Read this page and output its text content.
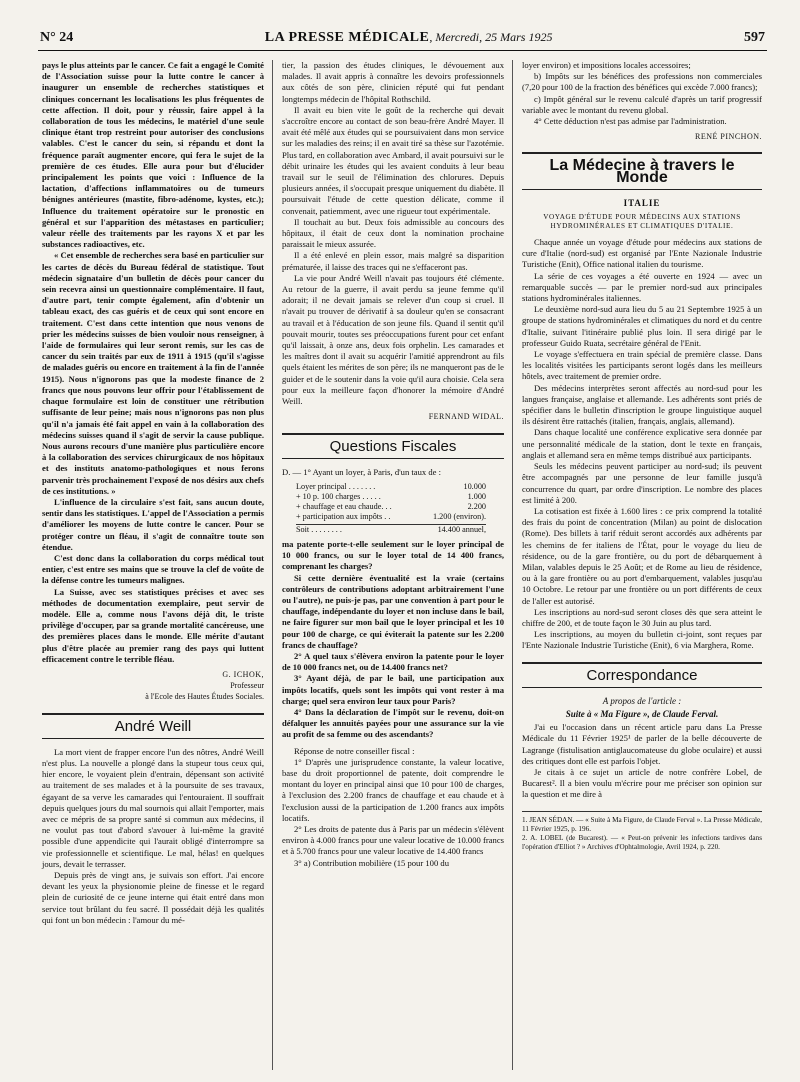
N° 24	LA PRESSE MÉDICALE, Mercredi, 25 Mars 1925	597

pays le plus atteints par le cancer. Ce fait a engagé le Comité de l'Association suisse pour la lutte contre le cancer à inaugurer un ensemble de recherches statistiques et cliniques concernant les localisations les plus fréquentes de cette affection. Il doit, pour y réussir, faire appel à la collaboration de tous les médecins, le matériel d'une seule clinique étant trop restreint pour autoriser des conclusions valables. C'est le cancer du sein, si répandu et dont la fréquence paraît augmenter encore, qui fera le sujet de la première de ces études. Elle aura pour but d'élucider principalement les points que voici : Influence de la lactation, d'affections inflammatoires ou de tumeurs bénignes antérieures (mastite, fibro-adénome, kystes, etc.); Influence du traitement opératoire sur le pronostic en général et sur l'apparition des métastases en particulier; valeur réelle des traitements par les rayons X et par les substances radioactives, etc.

« Cet ensemble de recherches sera basé en particulier sur les cartes de décès du Bureau fédéral de statistique. Tout médecin signataire d'un bulletin de décès pour cancer du sein recevra ainsi un questionnaire complémentaire. Il faut, d'autre part, tenir compte également, afin d'obtenir un tableau exact, des cas guéris et de ceux qui sont encore en traitement. C'est dans cette intention que nous venons de prier les médecins suisses de bien vouloir nous renseigner, à l'aide de formulaires qui leur seront remis, sur les cas de cancer du sein traités par eux de 1911 à 1915 (qu'il s'agisse de malades guéris ou encore en traitement à la fin de l'année 1915). Nous n'ignorons pas que la modeste finance de 2 francs que nous pouvons leur offrir pour l'établissement de chaque formulaire est loin de constituer une rétribution suffisante de leur peine; mais nous n'ignorons pas non plus qu'il n'a jamais été fait appel en vain à la collaboration des médecins suisses quand il s'agit de servir la cause publique. Nous aurons recours d'une manière plus particulière encore à la collaboration des services chirurgicaux de nos hôpitaux et des instituts anatomo-pathologiques et nous ferons parvenir très prochainement l'exposé de nos désirs aux chefs de ces institutions. »

L'influence de la circulaire s'est fait, sans aucun doute, sentir dans les statistiques. L'appel de l'Association a permis d'améliorer les moyens de lutte contre le cancer. Pour se protéger contre un fléau, il s'agit de connaître toute son étendue.

C'est donc dans la collaboration du corps médical tout entier, c'est entre ses mains que se trouve la clef de voûte de la défense contre les tumeurs malignes.

La Suisse, avec ses statistiques précises et avec ses méthodes de documentation exemplaire, peut servir de modèle. Elle a, comme nous l'avons déjà dit, le triste privilège d'occuper, par sa grande mortalité cancéreuse, une des premières places dans le monde. Elle mérite d'autant plus d'être placée au premier rang des pays qui luttent efficacement contre le terrible fléau.

G. ICHOK,
Professeur
à l'Ecole des Hautes Études Sociales.
André Weill

La mort vient de frapper encore l'un des nôtres, André Weill n'est plus. La nouvelle a plongé dans la stupeur tous ceux qui, hier encore, le voyaient plein d'entrain, dépensant son activité au traitement de ses malades et à la poursuite de ses travaux, égayant de sa verve les camarades qui l'entouraient. Il souffrait depuis quelques jours du mal sournois qui allait l'emporter, mais avec ce mépris de sa propre santé si commun aux médecins, il ne voulut pas tout d'abord s'avouer à lui-même la gravité possible d'une appendicite qui l'aurait obligé d'interrompre sa vie professionnelle et scientifique. Le mal, hélas! en quelques jours, devait le terrasser.

Depuis près de vingt ans, je suivais son effort. J'ai encore devant les yeux la physionomie pleine de finesse et le regard plein de curiosité de ce jeune interne qui était entré dans mon service tout brûlant du feu sacré. Il possédait déjà les qualités qui font un bon médecin : l'amour du mé-

tier, la passion des études cliniques, le dévouement aux malades. Il avait appris à connaître les devoirs professionnels aux côtés de son père, clinicien réputé qui fut pendant longtemps médecin de l'hôpital Rothschild.

Il avait eu bien vite le goût de la recherche qui devait s'accroître encore au contact de son beau-frère André Mayer. Il avait été mêlé aux études qui se poursuivaient dans mon service sur les maladies des reins; il en avait tiré sa thèse sur l'azotémie. Plus tard, en collaboration avec Ambard, il avait poursuivi sur le débit urinaire les études qui les avaient conduits à leur beau travail sur le seuil de l'élimination des chlorures. Depuis plusieurs années, il s'occupait presque uniquement du diabète. Il poursuivait l'étude de cette question délicate, comme il convenait, patiemment, avec une rigueur tout expérimentale.

Il touchait au but. Deux fois admissible au concours des hôpitaux, il était de ceux dont la nomination prochaine paraissait le mieux assurée.

Il a été enlevé en plein essor, mais malgré sa disparition prématurée, il laisse des traces qui ne s'effaceront pas.

La vie pour André Weill n'avait pas toujours été clémente. Au retour de la guerre, il avait perdu sa jeune femme qu'il adorait; il ne devait jamais se relever d'un coup si cruel. Il n'avait pu trouver de dérivatif à sa douleur qu'en se consacrant au travail et à l'éducation de son jeune fils. Quand il sentit qu'il pouvait mourir, toutes ses préoccupations furent pour cet enfant qu'il laissait, à onze ans, deux fois orphelin. Les camarades et les maîtres dont il avait su acquérir l'amitié apprendront au fils quels étaient les mérites de son père; ils ne manqueront pas de le guider et de le soutenir dans la voie qu'il aura choisie. Cela sera pour eux la meilleure façon d'honorer la mémoire d'André Weill.

FERNAND WIDAL.
Questions Fiscales

D. — 1° Ayant un loyer, à Paris, d'un taux de :

Loyer principal . . . . . . .	10.000
+ 10 p. 100 charges . . . . .	1.000
+ chauffage et eau chaude. . .	2.200
+ participation aux impôts . .	1.200 (environ).
Soit . . . . . . . .	14.400 annuel,

ma patente porte-t-elle seulement sur le loyer principal de 10 000 francs, ou sur le loyer total de 14 400 francs, comprenant les charges?

Si cette dernière éventualité est la vraie (certains contrôleurs de contributions adoptant arbitrairement l'une ou l'autre), ne puis-je pas, par une convention à part pour le chauffage, indépendante du loyer et non incluse dans le bail, ne faire figurer sur mon bail que le loyer principal et les 10 pour 100 de charge, ce qui éviterait la patente sur les 2.200 francs de chauffage?

2° A quel taux s'élèvera environ la patente pour le loyer de 10 000 francs net, ou de 14.400 francs net?

3° Ayant déjà, de par le bail, une participation aux impôts locatifs, quels sont les impôts qui vont rester à ma charge; quel sera environ leur taux pour Paris?

4° Dans la déclaration de l'impôt sur le revenu, doit-on défalquer les annuités payées pour une assurance sur la vie au profit de sa femme ou des ascendants?

Réponse de notre conseiller fiscal :

1° D'après une jurisprudence constante, la valeur locative, base du droit proportionnel de patente, doit comprendre le montant du loyer en principal ainsi que 10 pour 100 de charges, à l'exclusion des 2.200 francs de chauffage et eau chaude et à l'exclusion aussi de la participation de 1.200 francs aux impôts locatifs.

2° Les droits de patente dus à Paris par un médecin s'élèvent environ à 4.000 francs pour une valeur locative de 10.000 francs et à 5.700 francs pour une valeur locative de 14.400 francs

3° a) Contribution mobilière (15 pour 100 du

loyer environ) et impositions locales accessoires;

b) Impôts sur les bénéfices des professions non commerciales (7,20 pour 100 de la fraction des bénéfices qui excède 7.000 francs);

c) Impôt général sur le revenu calculé d'après un tarif progressif variable avec le montant du revenu global.

4° Cette déduction n'est pas admise par l'administration.

RENÉ PINCHON.
La Médecine à travers le Monde
ITALIE
VOYAGE D'ÉTUDE POUR MÉDECINS AUX STATIONS HYDROMINÉRALES ET CLIMATIQUES D'ITALIE.

Chaque année un voyage d'étude pour médecins aux stations de cure d'Italie (nord-sud) est organisé par l'Ente Nazionale Industrie Turistiche (Enit), Office national italien du tourisme.

La série de ces voyages a été ouverte en 1924 — avec un remarquable succès — par le premier nord-sud aux principales stations hydrominérales italiennes.

Le deuxième nord-sud aura lieu du 5 au 21 Septembre 1925 à un groupe de stations hydrominérales et climatiques du nord et du centre d'Italie, suivant l'itinéraire publié plus loin. Il sera dirigé par le professeur Guido Ruata, secrétaire général de l'Enit.

Le voyage s'effectuera en train spécial de première classe. Dans les localités visitées les participants seront logés dans les meilleurs hôtels, avec traitement de premier ordre.

Des médecins interprètes seront affectés au nord-sud pour les langues française, anglaise et allemande. Les adhérents sont priés de spécifier dans le bulletin d'inscription le groupe linguistique auquel ils désirent être rattachés (italien, français, anglais, allemand).

Dans chaque localité une conférence explicative sera donnée par une personnalité médicale de la station, dont le texte en français, anglais et allemand sera en même temps distribué aux participants.

Seuls les médecins peuvent participer au nord-sud; ils peuvent être accompagnés par une personne de leur famille jusqu'à concurrence du quart, par ordre d'inscription. Le nombre des places est limité à 200.

La cotisation est fixée à 1.600 lires : ce prix comprend la totalité des frais du point de concentration (Milan) au point de dislocation (Rome). Des billets à tarif réduit seront accordés aux adhérents par les chemins de fer italiens de l'État, pour le voyage du lieu de résidence, ou de la gare frontière, ou du port de débarquement à Milan, valables depuis le 25 Août; et de Rome au lieu de résidence, ou à la gare frontière ou au port d'embarquement, valables jusqu'au 10 Octobre. Le retour par une frontière ou un port différents de ceux de l'aller est autorisé.

Les inscriptions au nord-sud seront closes dès que sera atteint le chiffre de 200, et de toute façon le 30 Juin au plus tard.

Les inscriptions, au moyen du bulletin ci-joint, sont reçues par l'Ente Nazionale Industrie Turistiche (Enit), 6 via Marghera, Rome.

Correspondance
A propos de l'article :
Suite à « Ma Figure », de Claude Ferval.

J'ai eu l'occasion dans un récent article paru dans La Presse Médicale du 11 Février 1925¹ de parler de la belle découverte de Lagrange (fistulisation antiglaucomateuse du globe oculaire) et aussi des critiques dont elle est parfois l'objet.

Je citais à ce sujet un article de notre confrère Lobel, de Bucarest². Il a bien voulu m'écrire pour me préciser son opinion sur la question et me dire à

1. JEAN SÉDAN. — « Suite à Ma Figure, de Claude Ferval ». La Presse Médicale, 11 Février 1925, p. 196.

2. A. LOBEL (de Bucarest). — « Peut-on prévenir les infections tardives dans l'opération d'Elliot ? » Archives d'Ophtalmologie, Avril 1924, p. 220.
